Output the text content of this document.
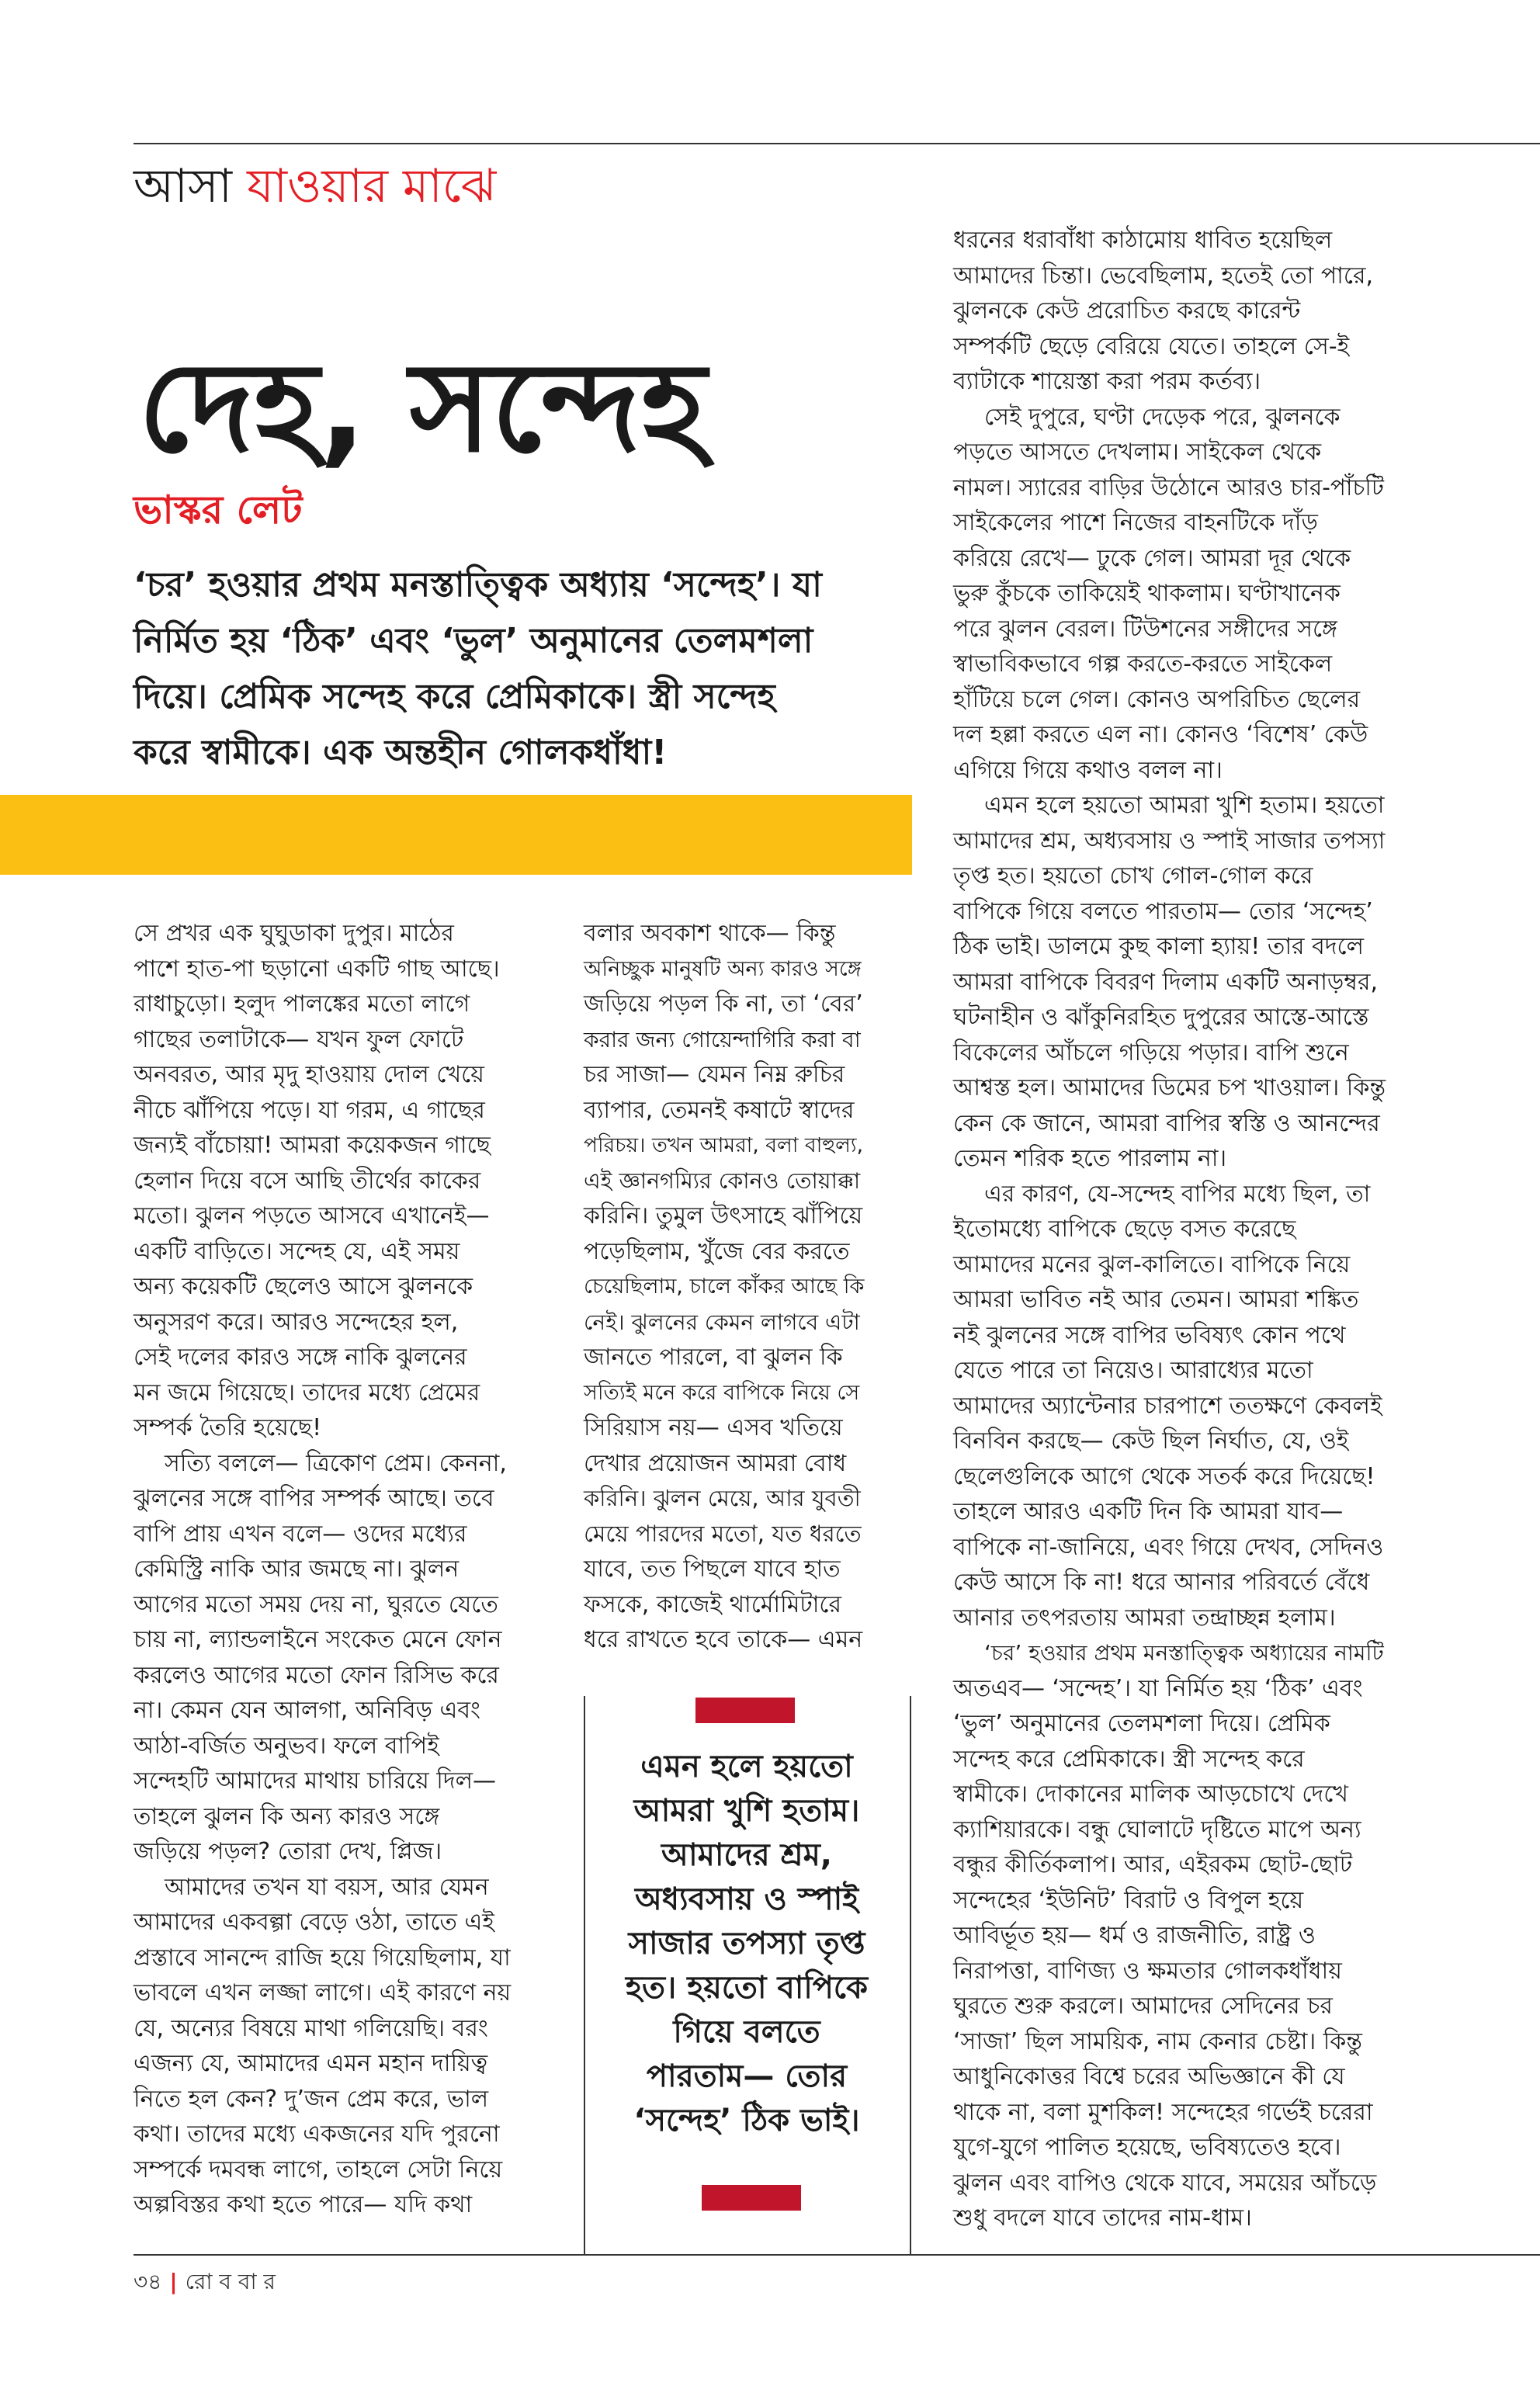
আসা যাওয়ার মাঝে
দেহ, সন্দেহ
ভাস্কর লেট
‘চর’ হওয়ার প্রথম মনস্তাত্ত্বিক অধ্যায় ‘সন্দেহ’। যা
নির্মিত হয় ‘ঠিক’ এবং ‘ভুল’ অনুমানের তেলমশলা
দিয়ে। প্রেমিক সন্দেহ করে প্রেমিকাকে। স্ত্রী সন্দেহ
করে স্বামীকে। এক অন্তহীন গোলকধাঁধা!
সে প্রখর এক ঘুঘুডাকা দুপুর। মাঠের
পাশে হাত-পা ছড়ানো একটি গাছ আছে।
রাধাচুড়ো। হলুদ পালঙ্কের মতো লাগে
গাছের তলাটাকে— যখন ফুল ফোটে
অনবরত, আর মৃদু হাওয়ায় দোল খেয়ে
নীচে ঝাঁপিয়ে পড়ে। যা গরম, এ গাছের
জন্যই বাঁচোয়া! আমরা কয়েকজন গাছে
হেলান দিয়ে বসে আছি তীর্থের কাকের
মতো। ঝুলন পড়তে আসবে এখানেই—
একটি বাড়িতে। সন্দেহ যে, এই সময়
অন্য কয়েকটি ছেলেও আসে ঝুলনকে
অনুসরণ করে। আরও সন্দেহের হল,
সেই দলের কারও সঙ্গে নাকি ঝুলনের
মন জমে গিয়েছে। তাদের মধ্যে প্রেমের
সম্পর্ক তৈরি হয়েছে!
সত্যি বললে— ত্রিকোণ প্রেম। কেননা,
ঝুলনের সঙ্গে বাপির সম্পর্ক আছে। তবে
বাপি প্রায় এখন বলে— ওদের মধ্যের
কেমিস্ট্রি নাকি আর জমছে না। ঝুলন
আগের মতো সময় দেয় না, ঘুরতে যেতে
চায় না, ল্যান্ডলাইনে সংকেত মেনে ফোন
করলেও আগের মতো ফোন রিসিভ করে
না। কেমন যেন আলগা, অনিবিড় এবং
আঠা-বর্জিত অনুভব। ফলে বাপিই
সন্দেহটি আমাদের মাথায় চারিয়ে দিল—
তাহলে ঝুলন কি অন্য কারও সঙ্গে
জড়িয়ে পড়ল? তোরা দেখ, প্লিজ।
আমাদের তখন যা বয়স, আর যেমন
আমাদের একবল্গা বেড়ে ওঠা, তাতে এই
প্রস্তাবে সানন্দে রাজি হয়ে গিয়েছিলাম, যা
ভাবলে এখন লজ্জা লাগে। এই কারণে নয়
যে, অন্যের বিষয়ে মাথা গলিয়েছি। বরং
এজন্য যে, আমাদের এমন মহান দায়িত্ব
নিতে হল কেন? দু’জন প্রেম করে, ভাল
কথা। তাদের মধ্যে একজনের যদি পুরনো
সম্পর্কে দমবন্ধ লাগে, তাহলে সেটা নিয়ে
অল্পবিস্তর কথা হতে পারে— যদি কথা
বলার অবকাশ থাকে— কিন্তু
অনিচ্ছুক মানুষটি অন্য কারও সঙ্গে
জড়িয়ে পড়ল কি না, তা ‘বের’
করার জন্য গোয়েন্দাগিরি করা বা
চর সাজা— যেমন নিম্ন রুচির
ব্যাপার, তেমনই কষাটে স্বাদের
পরিচয়। তখন আমরা, বলা বাহুল্য,
এই জ্ঞানগম্যির কোনও তোয়াক্কা
করিনি। তুমুল উৎসাহে ঝাঁপিয়ে
পড়েছিলাম, খুঁজে বের করতে
চেয়েছিলাম, চালে কাঁকর আছে কি
নেই। ঝুলনের কেমন লাগবে এটা
জানতে পারলে, বা ঝুলন কি
সত্যিই মনে করে বাপিকে নিয়ে সে
সিরিয়াস নয়— এসব খতিয়ে
দেখার প্রয়োজন আমরা বোধ
করিনি। ঝুলন মেয়ে, আর যুবতী
মেয়ে পারদের মতো, যত ধরতে
যাবে, তত পিছলে যাবে হাত
ফসকে, কাজেই থার্মোমিটারে
ধরে রাখতে হবে তাকে— এমন
ধরনের ধরাবাঁধা কাঠামোয় ধাবিত হয়েছিল
আমাদের চিন্তা। ভেবেছিলাম, হতেই তো পারে,
ঝুলনকে কেউ প্ররোচিত করছে কারেন্ট
সম্পর্কটি ছেড়ে বেরিয়ে যেতে। তাহলে সে-ই
ব্যাটাকে শায়েস্তা করা পরম কর্তব্য।
সেই দুপুরে, ঘণ্টা দেড়েক পরে, ঝুলনকে
পড়তে আসতে দেখলাম। সাইকেল থেকে
নামল। স্যারের বাড়ির উঠোনে আরও চার-পাঁচটি
সাইকেলের পাশে নিজের বাহনটিকে দাঁড়
করিয়ে রেখে— ঢুকে গেল। আমরা দূর থেকে
ভুরু কুঁচকে তাকিয়েই থাকলাম। ঘণ্টাখানেক
পরে ঝুলন বেরল। টিউশনের সঙ্গীদের সঙ্গে
স্বাভাবিকভাবে গল্প করতে-করতে সাইকেল
হাঁটিয়ে চলে গেল। কোনও অপরিচিত ছেলের
দল হল্লা করতে এল না। কোনও ‘বিশেষ’ কেউ
এগিয়ে গিয়ে কথাও বলল না।
এমন হলে হয়তো আমরা খুশি হতাম। হয়তো
আমাদের শ্রম, অধ্যবসায় ও স্পাই সাজার তপস্যা
তৃপ্ত হত। হয়তো চোখ গোল-গোল করে
বাপিকে গিয়ে বলতে পারতাম— তোর ‘সন্দেহ’
ঠিক ভাই। ডালমে কুছ কালা হ্যায়! তার বদলে
আমরা বাপিকে বিবরণ দিলাম একটি অনাড়ম্বর,
ঘটনাহীন ও ঝাঁকুনিরহিত দুপুরের আস্তে-আস্তে
বিকেলের আঁচলে গড়িয়ে পড়ার। বাপি শুনে
আশ্বস্ত হল। আমাদের ডিমের চপ খাওয়াল। কিন্তু
কেন কে জানে, আমরা বাপির স্বস্তি ও আনন্দের
তেমন শরিক হতে পারলাম না।
এর কারণ, যে-সন্দেহ বাপির মধ্যে ছিল, তা
ইতোমধ্যে বাপিকে ছেড়ে বসত করেছে
আমাদের মনের ঝুল-কালিতে। বাপিকে নিয়ে
আমরা ভাবিত নই আর তেমন। আমরা শঙ্কিত
নই ঝুলনের সঙ্গে বাপির ভবিষ্যৎ কোন পথে
যেতে পারে তা নিয়েও। আরাধ্যের মতো
আমাদের অ্যান্টেনার চারপাশে ততক্ষণে কেবলই
বিনবিন করছে— কেউ ছিল নির্ঘাত, যে, ওই
ছেলেগুলিকে আগে থেকে সতর্ক করে দিয়েছে!
তাহলে আরও একটি দিন কি আমরা যাব—
বাপিকে না-জানিয়ে, এবং গিয়ে দেখব, সেদিনও
কেউ আসে কি না! ধরে আনার পরিবর্তে বেঁধে
আনার তৎপরতায় আমরা তন্দ্রাচ্ছন্ন হলাম।
‘চর’ হওয়ার প্রথম মনস্তাত্ত্বিক অধ্যায়ের নামটি
অতএব— ‘সন্দেহ’। যা নির্মিত হয় ‘ঠিক’ এবং
‘ভুল’ অনুমানের তেলমশলা দিয়ে। প্রেমিক
সন্দেহ করে প্রেমিকাকে। স্ত্রী সন্দেহ করে
স্বামীকে। দোকানের মালিক আড়চোখে দেখে
ক্যাশিয়ারকে। বন্ধু ঘোলাটে দৃষ্টিতে মাপে অন্য
বন্ধুর কীর্তিকলাপ। আর, এইরকম ছোট-ছোট
সন্দেহের ‘ইউনিট’ বিরাট ও বিপুল হয়ে
আবির্ভূত হয়— ধর্ম ও রাজনীতি, রাষ্ট্র ও
নিরাপত্তা, বাণিজ্য ও ক্ষমতার গোলকধাঁধায়
ঘুরতে শুরু করলে। আমাদের সেদিনের চর
‘সাজা’ ছিল সাময়িক, নাম কেনার চেষ্টা। কিন্তু
আধুনিকোত্তর বিশ্বে চরের অভিজ্ঞানে কী যে
থাকে না, বলা মুশকিল! সন্দেহের গর্ভেই চরেরা
যুগে-যুগে পালিত হয়েছে, ভবিষ্যতেও হবে।
ঝুলন এবং বাপিও থেকে যাবে, সময়ের আঁচড়ে
শুধু বদলে যাবে তাদের নাম-ধাম।
এমন হলে হয়তো
আমরা খুশি হতাম।
আমাদের শ্রম,
অধ্যবসায় ও স্পাই
সাজার তপস্যা তৃপ্ত
হত। হয়তো বাপিকে
গিয়ে বলতে
পারতাম— তোর
‘সন্দেহ’ ঠিক ভাই।
৩৪ | রো ব বা র
